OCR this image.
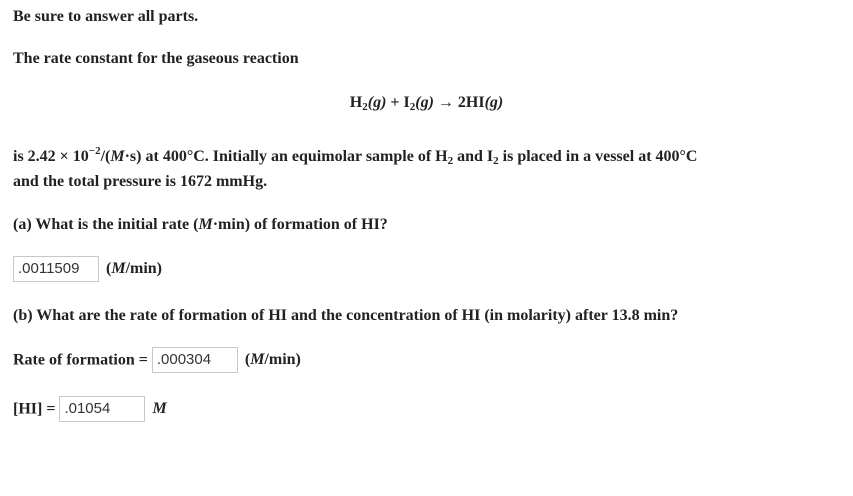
Be sure to answer all parts.
The rate constant for the gaseous reaction
$H_2(g) + I_2(g) \to 2HI(g)$
is $2.42 \times 10^{-2}/(M\cdot s)$ at 400°C. Initially an equimolar sample of $H_2$ and $I_2$ is placed in a vessel at 400°C
and the total pressure is 1672 mmHg.
(a) What is the initial rate (M·min) of formation of HI?
.0011509 (M/min)
(b) What are the rate of formation of HI and the concentration of HI (in molarity) after 13.8 min?
Rate of formation = .000304 (M/min)
[HI] = .01054	M
